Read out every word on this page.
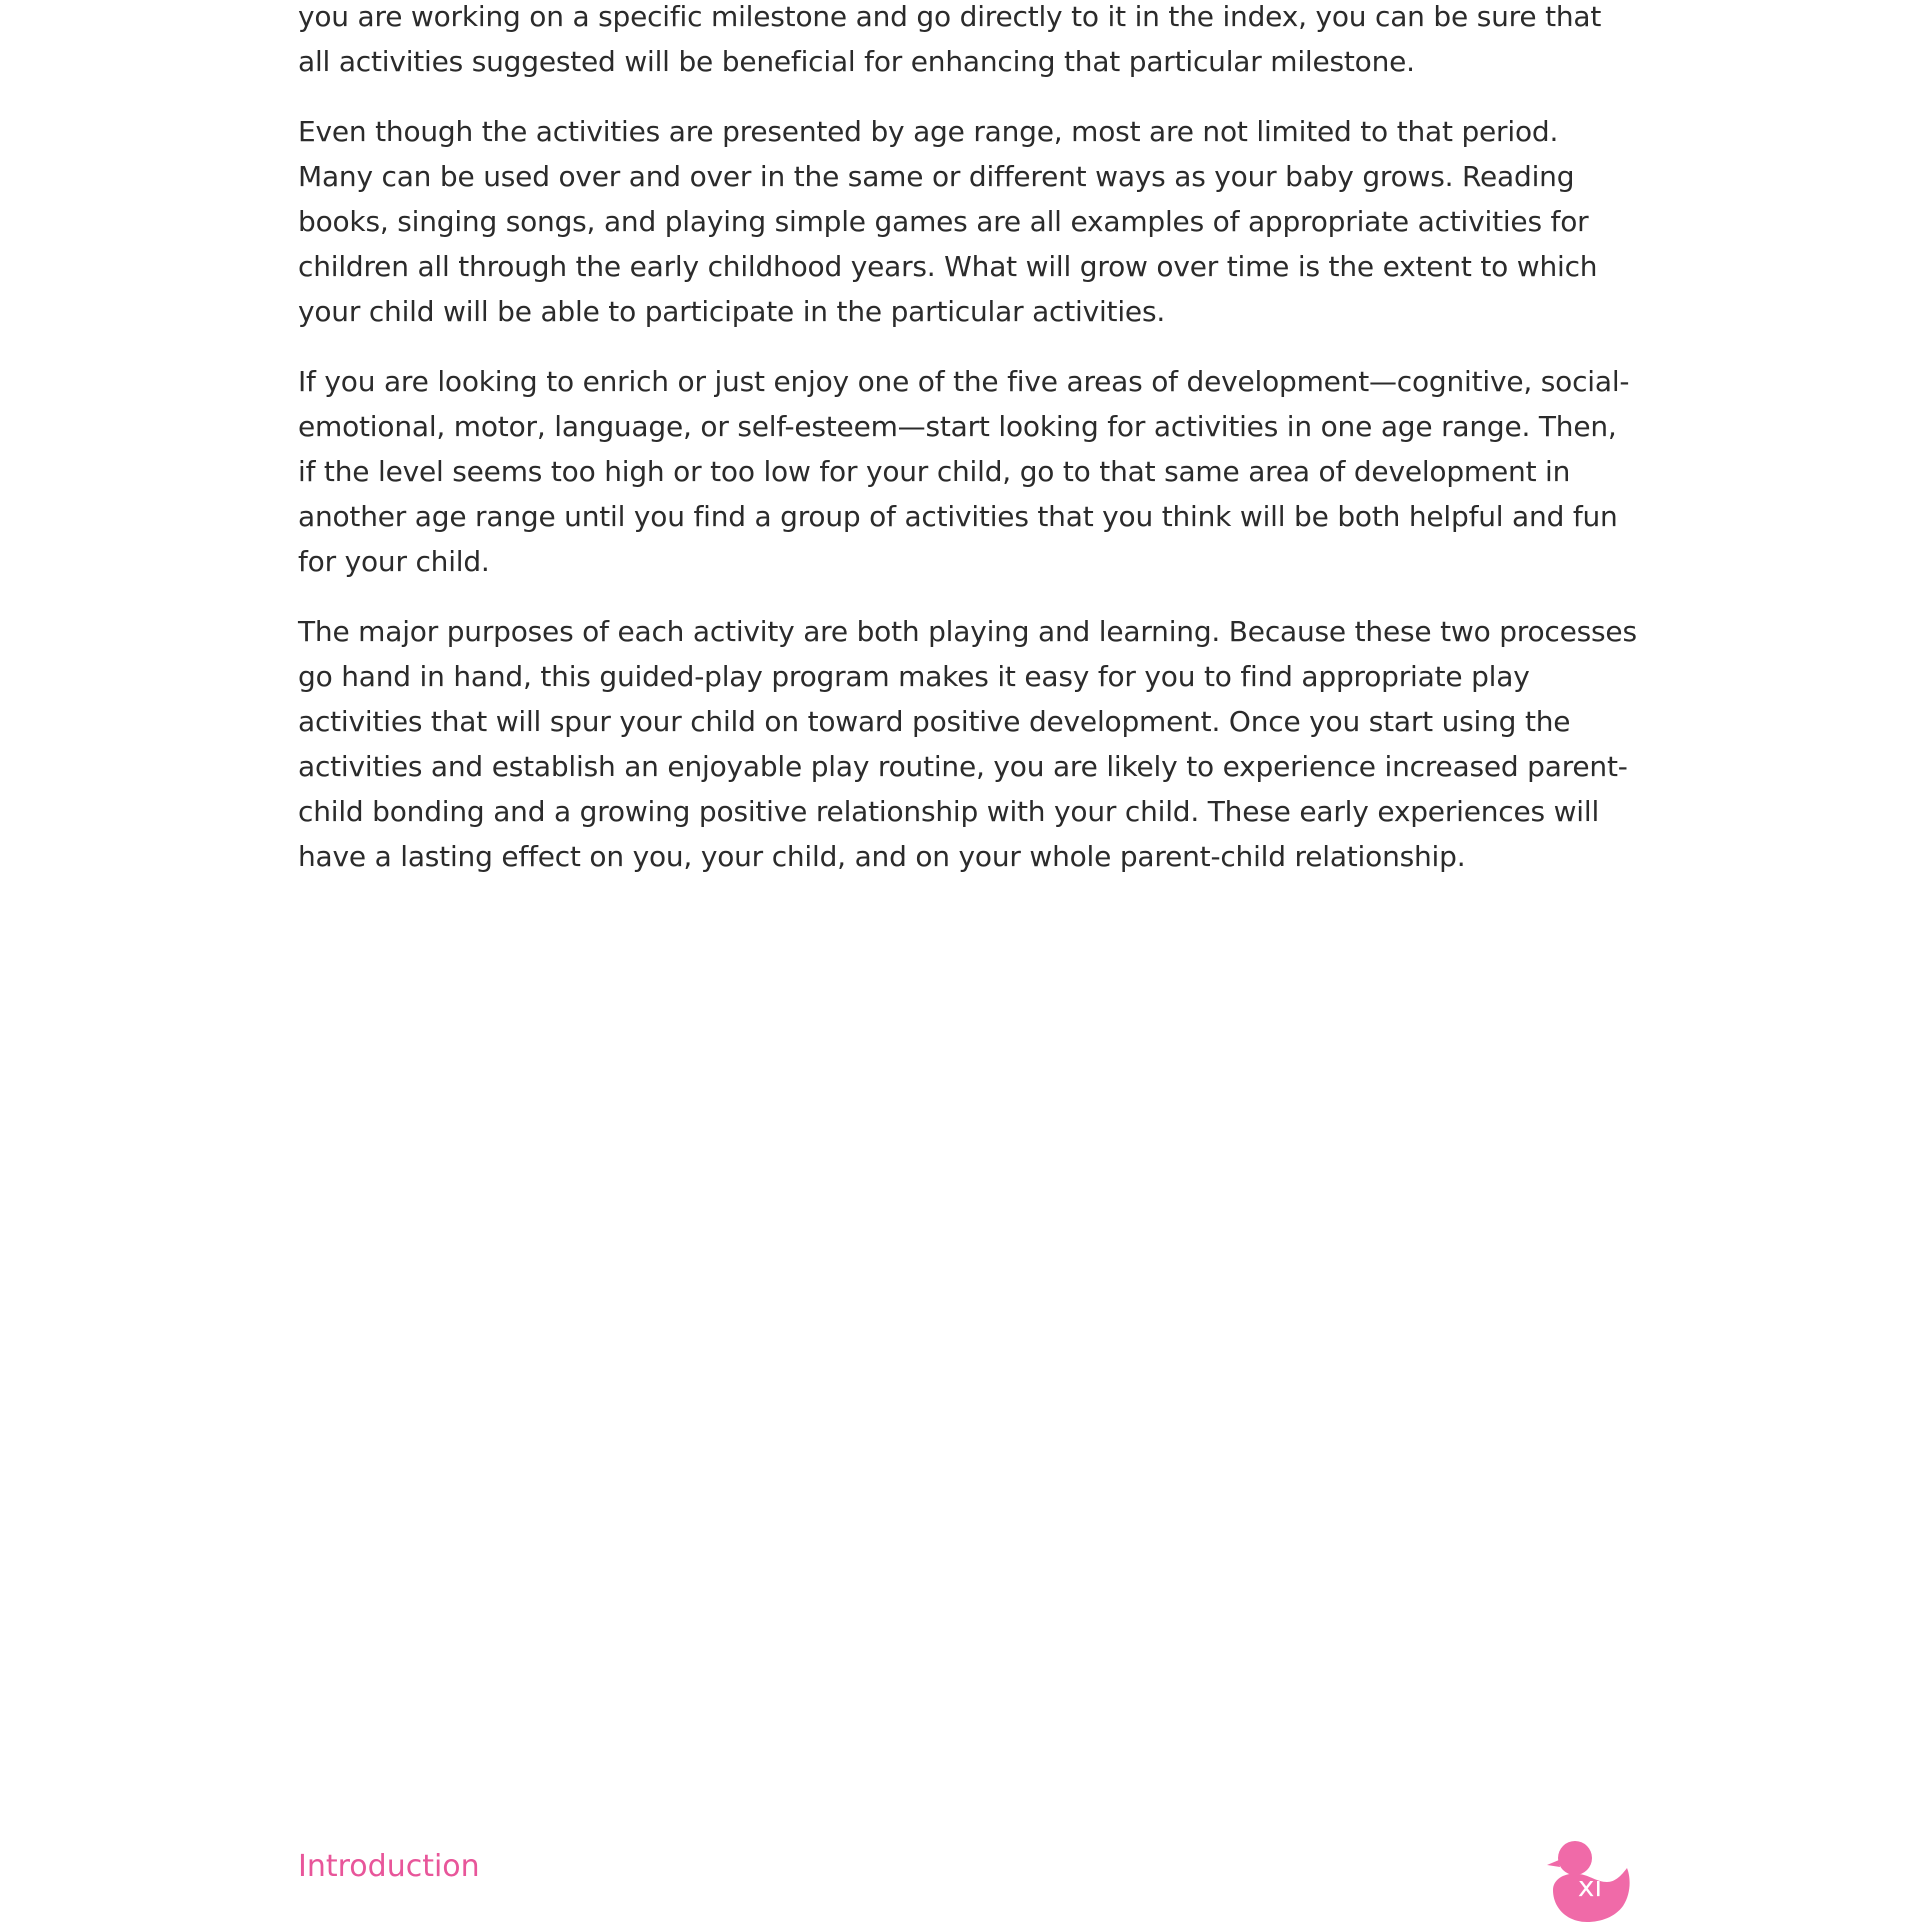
you are working on a specific milestone and go directly to it in the index, you can be sure that all activities suggested will be beneficial for enhancing that particular milestone.

Even though the activities are presented by age range, most are not limited to that period. Many can be used over and over in the same or different ways as your baby grows. Reading books, singing songs, and playing simple games are all examples of appropriate activities for children all through the early childhood years. What will grow over time is the extent to which your child will be able to participate in the particular activities.

If you are looking to enrich or just enjoy one of the five areas of development—cognitive, social-emotional, motor, language, or self-esteem—start looking for activities in one age range. Then, if the level seems too high or too low for your child, go to that same area of development in another age range until you find a group of activities that you think will be both helpful and fun for your child.

The major purposes of each activity are both playing and learning. Because these two processes go hand in hand, this guided-play program makes it easy for you to find appropriate play activities that will spur your child on toward positive development. Once you start using the activities and establish an enjoyable play routine, you are likely to experience increased parent-child bonding and a growing positive relationship with your child. These early experiences will have a lasting effect on you, your child, and on your whole parent-child relationship.

Introduction
xi
